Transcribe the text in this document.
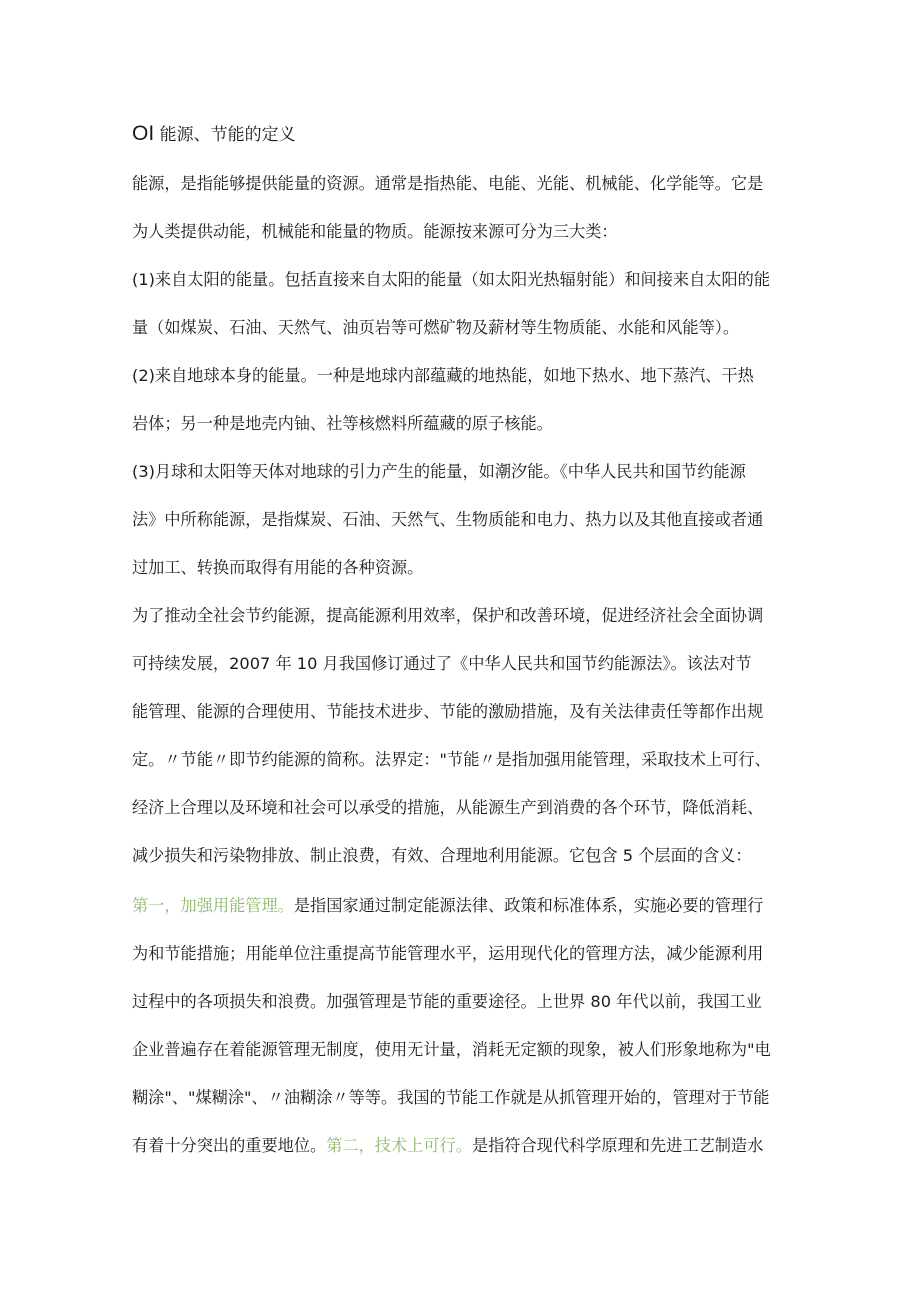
OI 能源、节能的定义
能源，是指能够提供能量的资源。通常是指热能、电能、光能、机械能、化学能等。它是
为人类提供动能，机械能和能量的物质。能源按来源可分为三大类：
(1)来自太阳的能量。包括直接来自太阳的能量（如太阳光热辐射能）和间接来自太阳的能
量（如煤炭、石油、天然气、油页岩等可燃矿物及薪材等生物质能、水能和风能等）。
(2)来自地球本身的能量。一种是地球内部蕴藏的地热能，如地下热水、地下蒸汽、干热
岩体；另一种是地壳内铀、社等核燃料所蕴藏的原子核能。
(3)月球和太阳等天体对地球的引力产生的能量，如潮汐能。《中华人民共和国节约能源
法》中所称能源，是指煤炭、石油、天然气、生物质能和电力、热力以及其他直接或者通
过加工、转换而取得有用能的各种资源。
为了推动全社会节约能源，提高能源利用效率，保护和改善环境，促进经济社会全面协调
可持续发展，2007 年 10 月我国修订通过了《中华人民共和国节约能源法》。该法对节
能管理、能源的合理使用、节能技术进步、节能的激励措施，及有关法律责任等都作出规
定。〃节能〃即节约能源的简称。法界定："节能〃是指加强用能管理，采取技术上可行、
经济上合理以及环境和社会可以承受的措施，从能源生产到消费的各个环节，降低消耗、
减少损失和污染物排放、制止浪费，有效、合理地利用能源。它包含 5 个层面的含义：
第一，加强用能管理。是指国家通过制定能源法律、政策和标准体系，实施必要的管理行
为和节能措施；用能单位注重提高节能管理水平，运用现代化的管理方法，减少能源利用
过程中的各项损失和浪费。加强管理是节能的重要途径。上世界 80 年代以前，我国工业
企业普遍存在着能源管理无制度，使用无计量，消耗无定额的现象，被人们形象地称为"电
糊涂"、"煤糊涂"、〃油糊涂〃等等。我国的节能工作就是从抓管理开始的，管理对于节能
有着十分突出的重要地位。第二，技术上可行。是指符合现代科学原理和先进工艺制造水
